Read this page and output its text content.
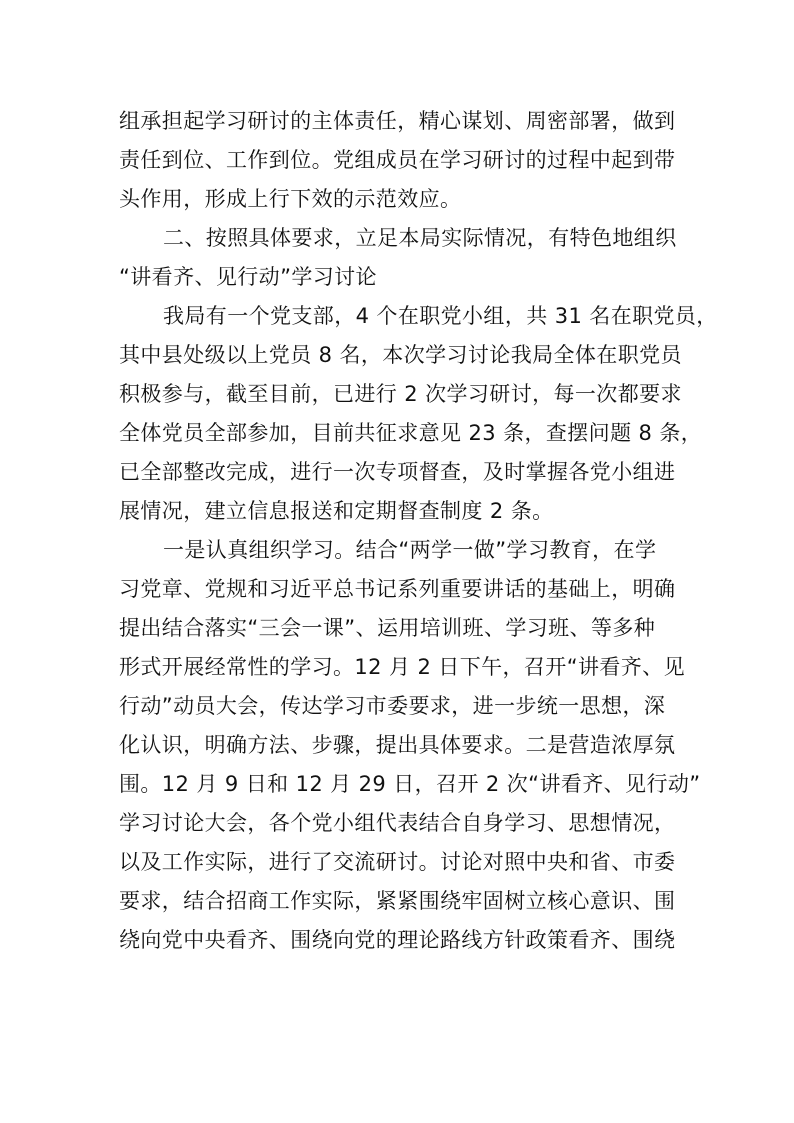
组承担起学习研讨的主体责任，精心谋划、周密部署，做到
责任到位、工作到位。党组成员在学习研讨的过程中起到带
头作用，形成上行下效的示范效应。
二、按照具体要求，立足本局实际情况，有特色地组织
“讲看齐、见行动”学习讨论
我局有一个党支部，4 个在职党小组，共 31 名在职党员，
其中县处级以上党员 8 名，本次学习讨论我局全体在职党员
积极参与，截至目前，已进行 2 次学习研讨，每一次都要求
全体党员全部参加，目前共征求意见 23 条，查摆问题 8 条，
已全部整改完成，进行一次专项督查，及时掌握各党小组进
展情况，建立信息报送和定期督查制度 2 条。
一是认真组织学习。结合“两学一做”学习教育，在学
习党章、党规和习近平总书记系列重要讲话的基础上，明确
提出结合落实“三会一课”、运用培训班、学习班、等多种
形式开展经常性的学习。12 月 2 日下午，召开“讲看齐、见
行动”动员大会，传达学习市委要求，进一步统一思想，深
化认识，明确方法、步骤，提出具体要求。二是营造浓厚氛
围。12 月 9 日和 12 月 29 日，召开 2 次“讲看齐、见行动”
学习讨论大会，各个党小组代表结合自身学习、思想情况，
以及工作实际，进行了交流研讨。讨论对照中央和省、市委
要求，结合招商工作实际，紧紧围绕牢固树立核心意识、围
绕向党中央看齐、围绕向党的理论路线方针政策看齐、围绕
